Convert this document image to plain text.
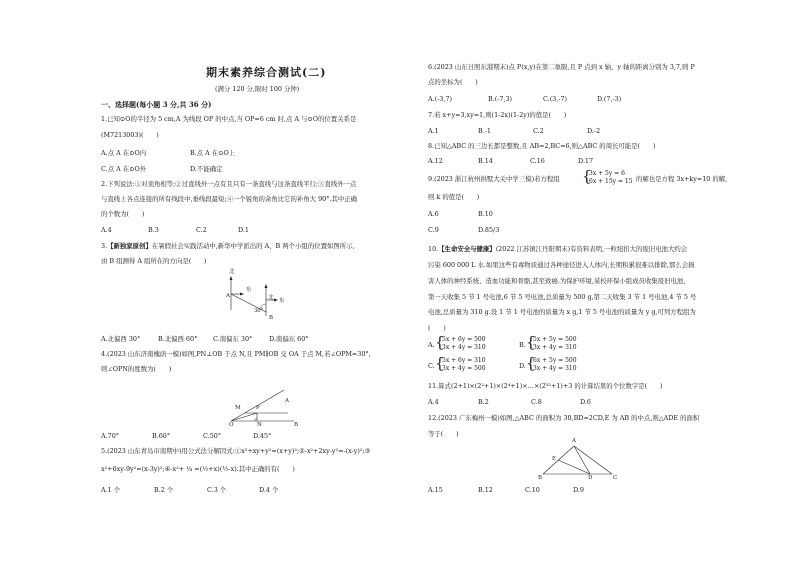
期末素养综合测试(二)
(满分 120 分,限时 100 分钟)
一、选择题(每小题 3 分,共 36 分)
1.已知⊙O的半径为 5 cm,A 为线段 OP 的中点,当 OP=6 cm 时,点 A 与⊙O的位置关系是
(M7213003)(　　)
A.点 A 在⊙O内	B.点 A 在⊙O上
C.点 A 在⊙O外	D.不能确定
2.下列说法:①对顶角相等;②过直线外一点有且只有一条直线与这条直线平行;③直线外一点
与直线上各点连接的所有线段中,垂线段最短;④一个锐角的余角比它的补角大 90°.其中正确
的个数为(　　)
A.4	B.3	C.2	D.1
3.【新独家原创】在暑假社会实践活动中,新华中学派出的 A、B 两个小组的位置如图所示,
由 B 组测得 A 组所在的方向是(　　)
北
东
A	北 东
30°
B
A.北偏西 30°	B.北偏西 60° C.南偏东 30°	D.南偏东 60°
4.(2023 山东济南槐荫一模)如图,PN⊥OB 于点 N,且 PM∥OB 交 OA 于点 M,若∠OPM=30°,
则∠OPN的度数为(　　)
M	P
A
O	N	B
A.70°	B.60°	C.50°	D.45°
5.(2023 山东青岛市南期中)用公式法分解因式:①x²+xy+y²=(x+y)²;②-x²+2xy-y²=-(x-y)²;③
x²+6xy-9y²=(x-3y)²;④-x²+ ¼ =(½+x)(½-x).其中正确的有(　　)
A.1 个	B.2 个	C.3 个	D.4 个
6.(2023 山东日照东港期末)点 P(x,y)在第二象限,且 P 点到 x 轴、y 轴的距离分别为 3,7,则 P
点的坐标为(　　)
A.(-3,7)	B.(-7,3)	C.(3,-7)	D.(7,-3)
7.若 x+y=3,xy=1,则(1-2x)(1-2y)的值是(　　)
A.1	B.-1	C.2	D.-2
8.已知△ABC 的三边长都是整数,且 AB=2,BC=6,则△ABC 的周长可能是(　　)
A.12	B.14	C.16	D.17
9.(2023 浙江杭州拱墅大关中学三模)若方程组 {
3x + 5y = 6
6x + 15y = 15 的解也是方程 3x+ky=10 的解,
则 k 的值是(　　)
A.6	B.10
C.9	D.85/3
10.【生命安全与健康】(2022 江苏镇江丹阳期末)有资料表明,一粒纽扣大的废旧电池大约会
污染 600 000 L 水.如果这些有毒物质通过各种途径进入人体内,长期积累很难以排除,那么会损
害人体的神经系统、造血功能和骨骼,甚至致癌.为保护环境,某校环保小组成员收集废旧电池,
第一天收集 5 节 1 号电池,6 节 5 号电池,总质量为 500 g,第二天收集 3 节 1 号电池,4 节 5 号
电池,总质量为 310 g.设 1 节 1 号电池的质量为 x g,1 节 5 号电池的质量为 y g,可列方程组为
(　　)
A. {
5x + 6y = 500
3x + 4y = 310	B. {
5x + 5y = 500
3x + 4y = 310
C. {
5x + 6y = 310
3x + 4y = 500	D. {
6x + 5y = 500
3x + 4y = 310
11.算式(2+1)×(2²+1)×(2⁴+1)×…×(2³²+1)+3 的计算结果的个位数字是(　　)
A.4	B.2	C.8	D.6
12.(2023 广东梅州一模)如图,△ABC 的面积为 30,BD=2CD,E 为 AB 的中点,则△ADE 的面积
等于(　　)
A
E
B	D	C
A.15	B.12	C.10	D.9
